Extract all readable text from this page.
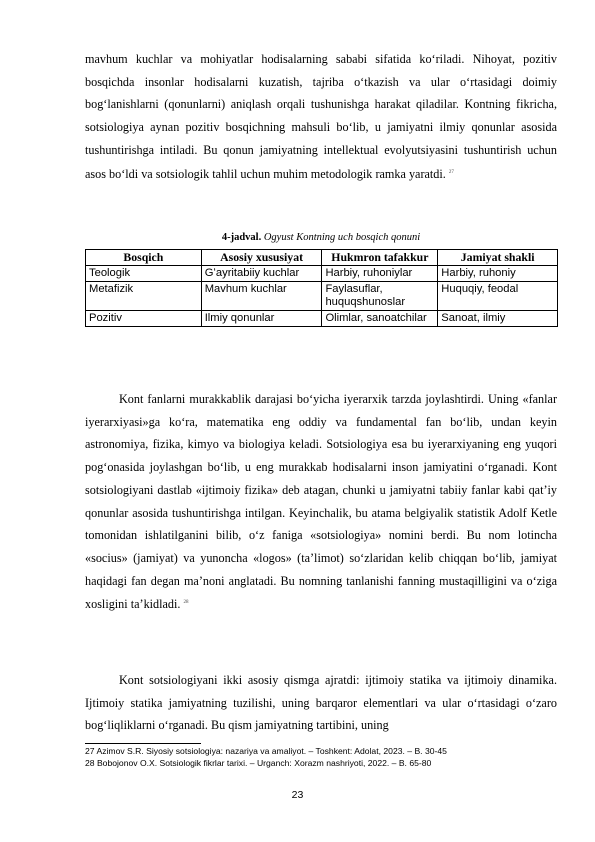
mavhum kuchlar va mohiyatlar hodisalarning sababi sifatida koʻriladi. Nihoyat, pozitiv bosqichda insonlar hodisalarni kuzatish, tajriba oʻtkazish va ular oʻrtasidagi doimiy bogʻlanishlarni (qonunlarni) aniqlash orqali tushunishga harakat qiladilar. Kontning fikricha, sotsiologiya aynan pozitiv bosqichning mahsuli boʻlib, u jamiyatni ilmiy qonunlar asosida tushuntirishga intiladi. Bu qonun jamiyatning intellektual evolyutsiyasini tushuntirish uchun asos boʻldi va sotsiologik tahlil uchun muhim metodologik ramka yaratdi. $^{27}$

4-jadval. Ogyust Kontning uch bosqich qonuni
Bosqich	Asosiy xususiyat	Hukmron tafakkur	Jamiyat shakli
Teologik	Gʻayritabiiy kuchlar	Harbiy, ruhoniylar	Harbiy, ruhoniy
Metafizik	Mavhum kuchlar	Faylasuflar, huquqshunoslar	Huquqiy, feodal
Pozitiv	Ilmiy qonunlar	Olimlar, sanoatchilar	Sanoat, ilmiy

Kont fanlarni murakkablik darajasi boʻyicha iyerarxik tarzda joylashtirdi. Uning «fanlar iyerarxiyasi»ga koʻra, matematika eng oddiy va fundamental fan boʻlib, undan keyin astronomiya, fizika, kimyo va biologiya keladi. Sotsiologiya esa bu iyerarxiyaning eng yuqori pogʻonasida joylashgan boʻlib, u eng murakkab hodisalarni inson jamiyatini oʻrganadi. Kont sotsiologiyani dastlab «ijtimoiy fizika» deb atagan, chunki u jamiyatni tabiiy fanlar kabi qatʼiy qonunlar asosida tushuntirishga intilgan. Keyinchalik, bu atama belgiyalik statistik Adolf Ketle tomonidan ishlatilganini bilib, oʻz faniga «sotsiologiya» nomini berdi. Bu nom lotincha «socius» (jamiyat) va yunoncha «logos» (taʼlimot) soʻzlaridan kelib chiqqan boʻlib, jamiyat haqidagi fan degan maʼnoni anglatadi. Bu nomning tanlanishi fanning mustaqilligini va oʻziga xosligini taʼkidladi. $^{28}$

Kont sotsiologiyani ikki asosiy qismga ajratdi: ijtimoiy statika va ijtimoiy dinamika. Ijtimoiy statika jamiyatning tuzilishi, uning barqaror elementlari va ular oʻrtasidagi oʻzaro bogʻliqliklarni oʻrganadi. Bu qism jamiyatning tartibini, uning

27 Azimov S.R. Siyosiy sotsiologiya: nazariya va amaliyot. – Toshkent: Adolat, 2023. – B. 30-45
28 Bobojonov O.X. Sotsiologik fikrlar tarixi. – Urganch: Xorazm nashriyoti, 2022. – B. 65-80
23
